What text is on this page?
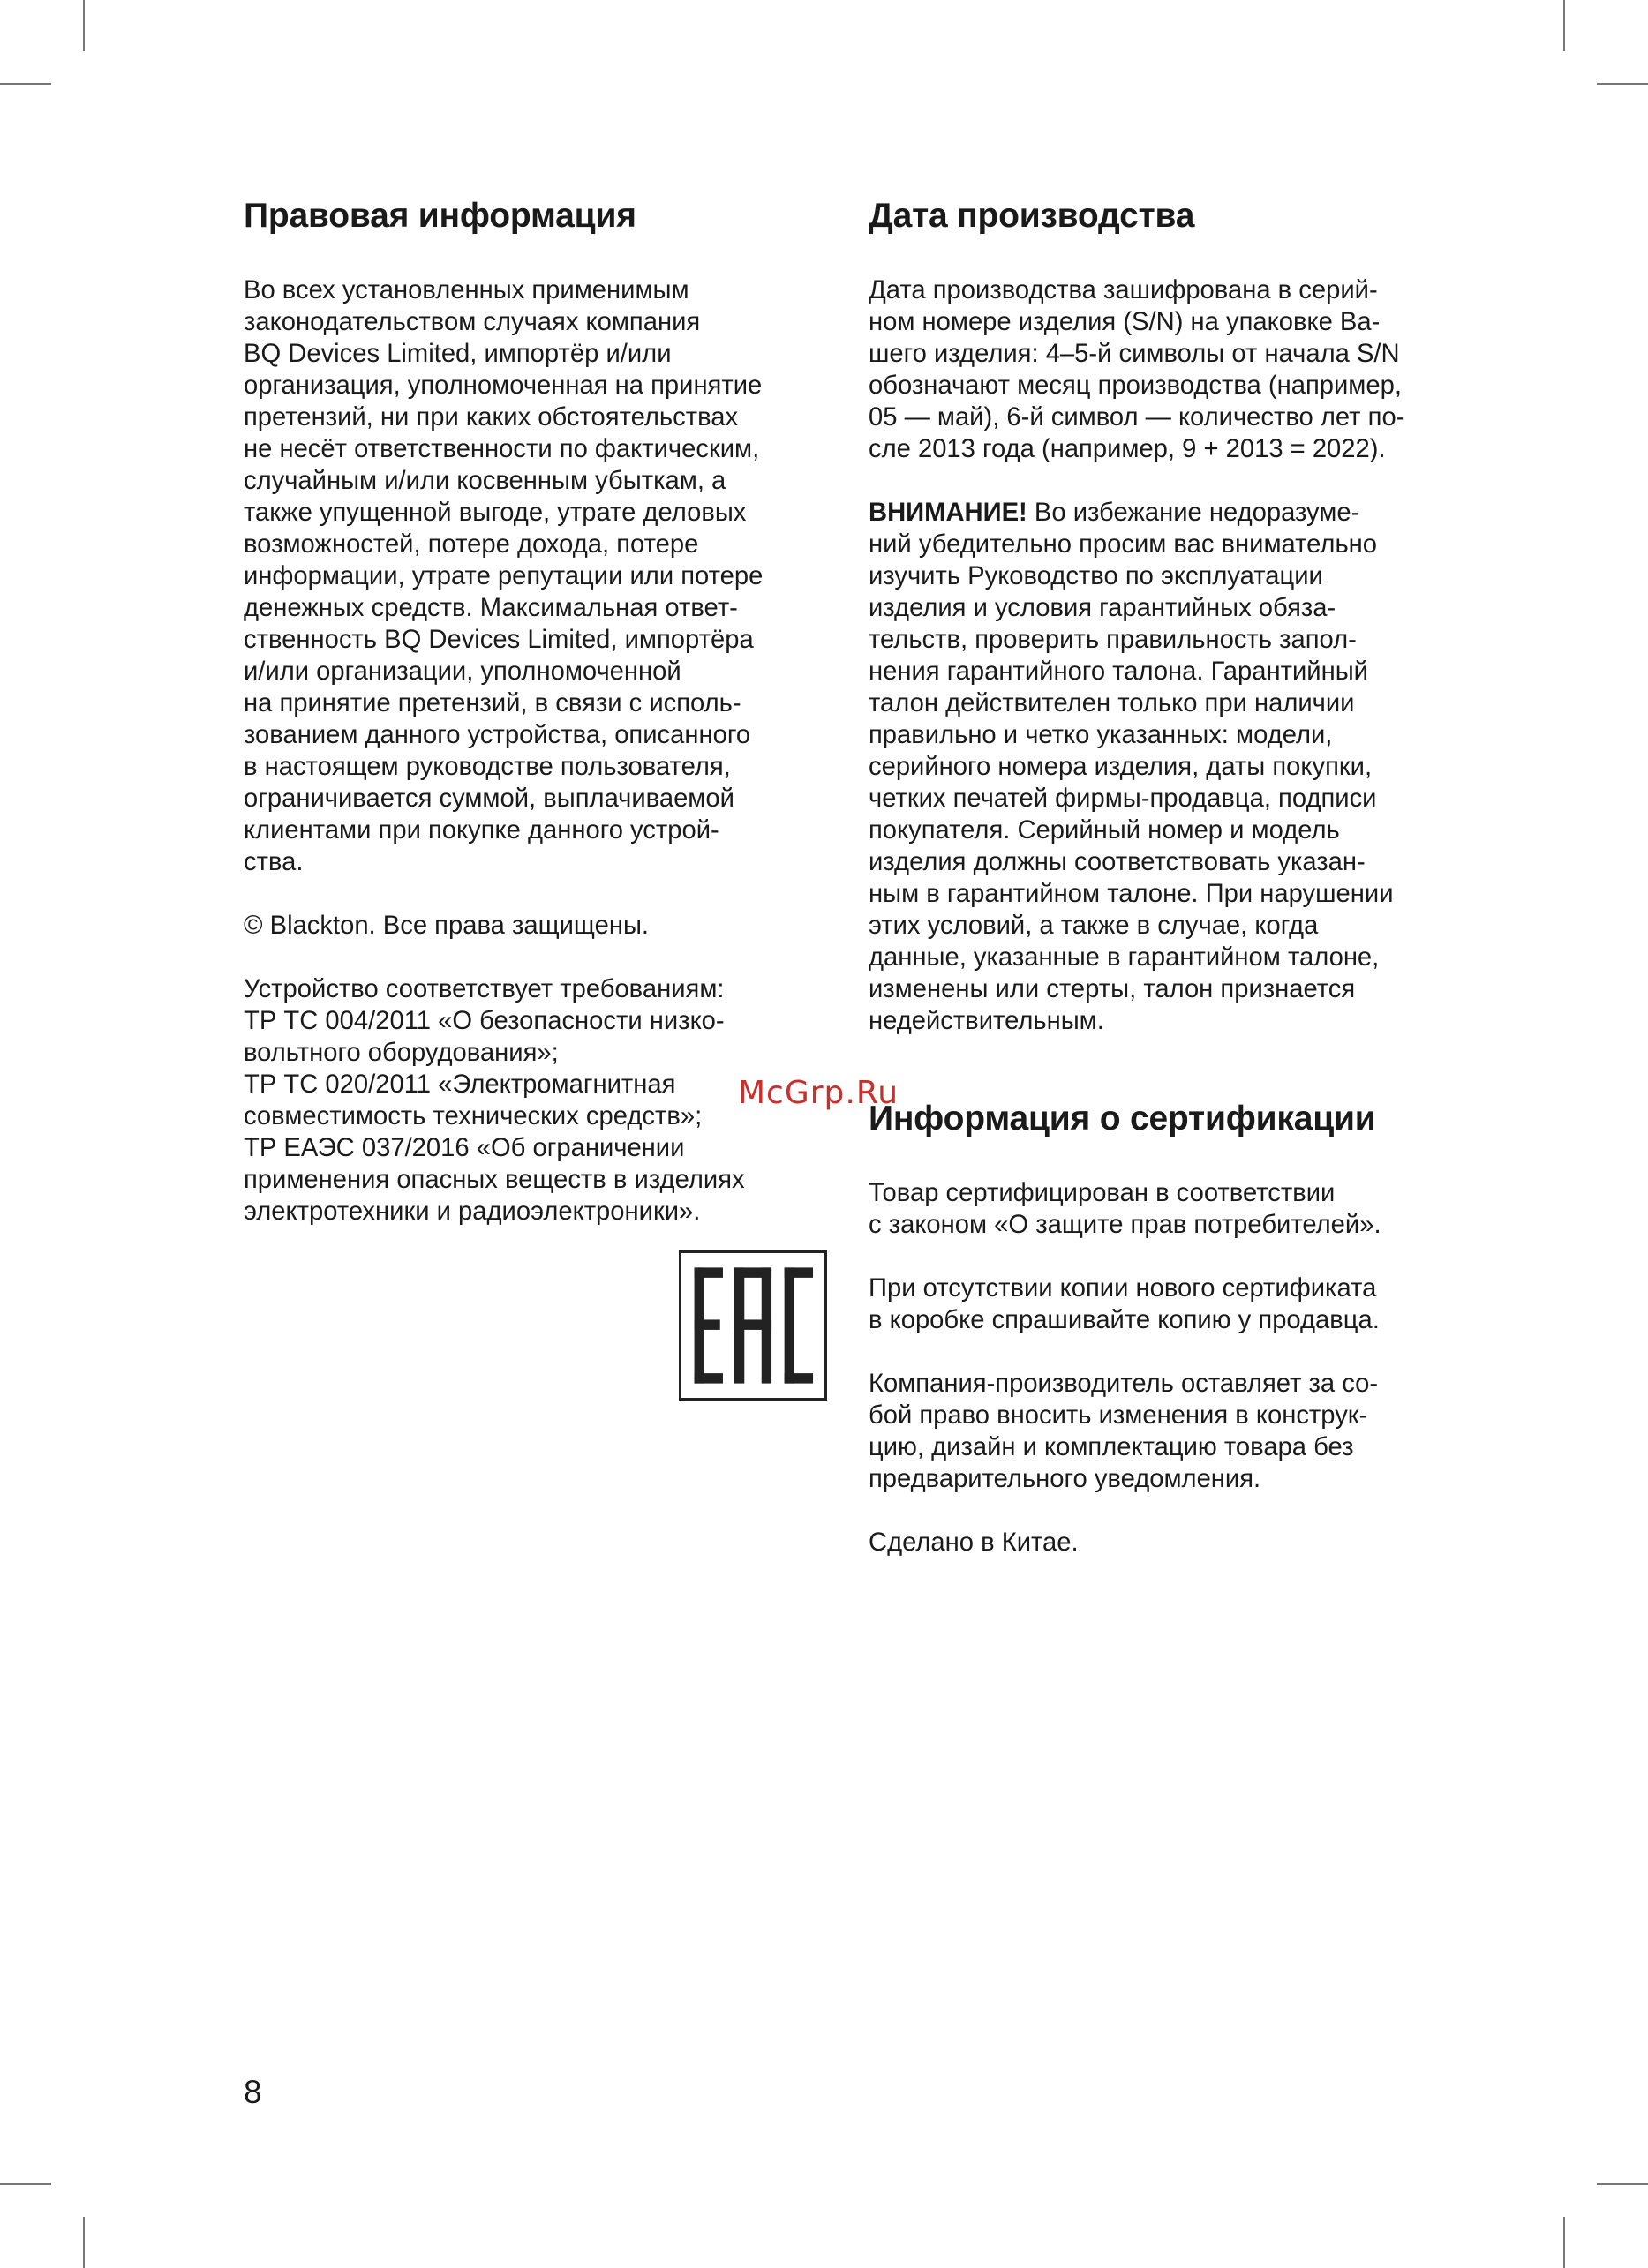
Правовая информация

Во всех установленных применимым
законодательством случаях компания
BQ Devices Limited, импортёр и/или
организация, уполномоченная на принятие
претензий, ни при каких обстоятельствах
не несёт ответственности по фактическим,
случайным и/или косвенным убыткам, а
также упущенной выгоде, утрате деловых
возможностей, потере дохода, потере
информации, утрате репутации или потере
денежных средств. Максимальная ответ-
ственность BQ Devices Limited, импортёра
и/или организации, уполномоченной
на принятие претензий, в связи с исполь-
зованием данного устройства, описанного
в настоящем руководстве пользователя,
ограничивается суммой, выплачиваемой
клиентами при покупке данного устрой-
ства.

© Blackton. Все права защищены.

Устройство соответствует требованиям:
ТР ТС 004/2011 «О безопасности низко-
вольтного оборудования»;
ТР ТС 020/2011 «Электромагнитная
совместимость технических средств»;
ТР ЕАЭС 037/2016 «Об ограничении
применения опасных веществ в изделиях
электротехники и радиоэлектроники».

Дата производства

Дата производства зашифрована в серий-
ном номере изделия (S/N) на упаковке Ва-
шего изделия: 4–5-й символы от начала S/N
обозначают месяц производства (например,
05 — май), 6-й символ — количество лет по-
сле 2013 года (например, 9 + 2013 = 2022).

ВНИМАНИЕ! Во избежание недоразуме-
ний убедительно просим вас внимательно
изучить Руководство по эксплуатации
изделия и условия гарантийных обяза-
тельств, проверить правильность запол-
нения гарантийного талона. Гарантийный
талон действителен только при наличии
правильно и четко указанных: модели,
серийного номера изделия, даты покупки,
четких печатей фирмы-продавца, подписи
покупателя. Серийный номер и модель
изделия должны соответствовать указан-
ным в гарантийном талоне. При нарушении
этих условий, а также в случае, когда
данные, указанные в гарантийном талоне,
изменены или стерты, талон признается
недействительным.

Информация о сертификации

Товар сертифицирован в соответствии
с законом «О защите прав потребителей».

При отсутствии копии нового сертификата
в коробке спрашивайте копию у продавца.

Компания-производитель оставляет за со-
бой право вносить изменения в конструк-
цию, дизайн и комплектацию товара без
предварительного уведомления.

Сделано в Китае.

McGrp.Ru
8
